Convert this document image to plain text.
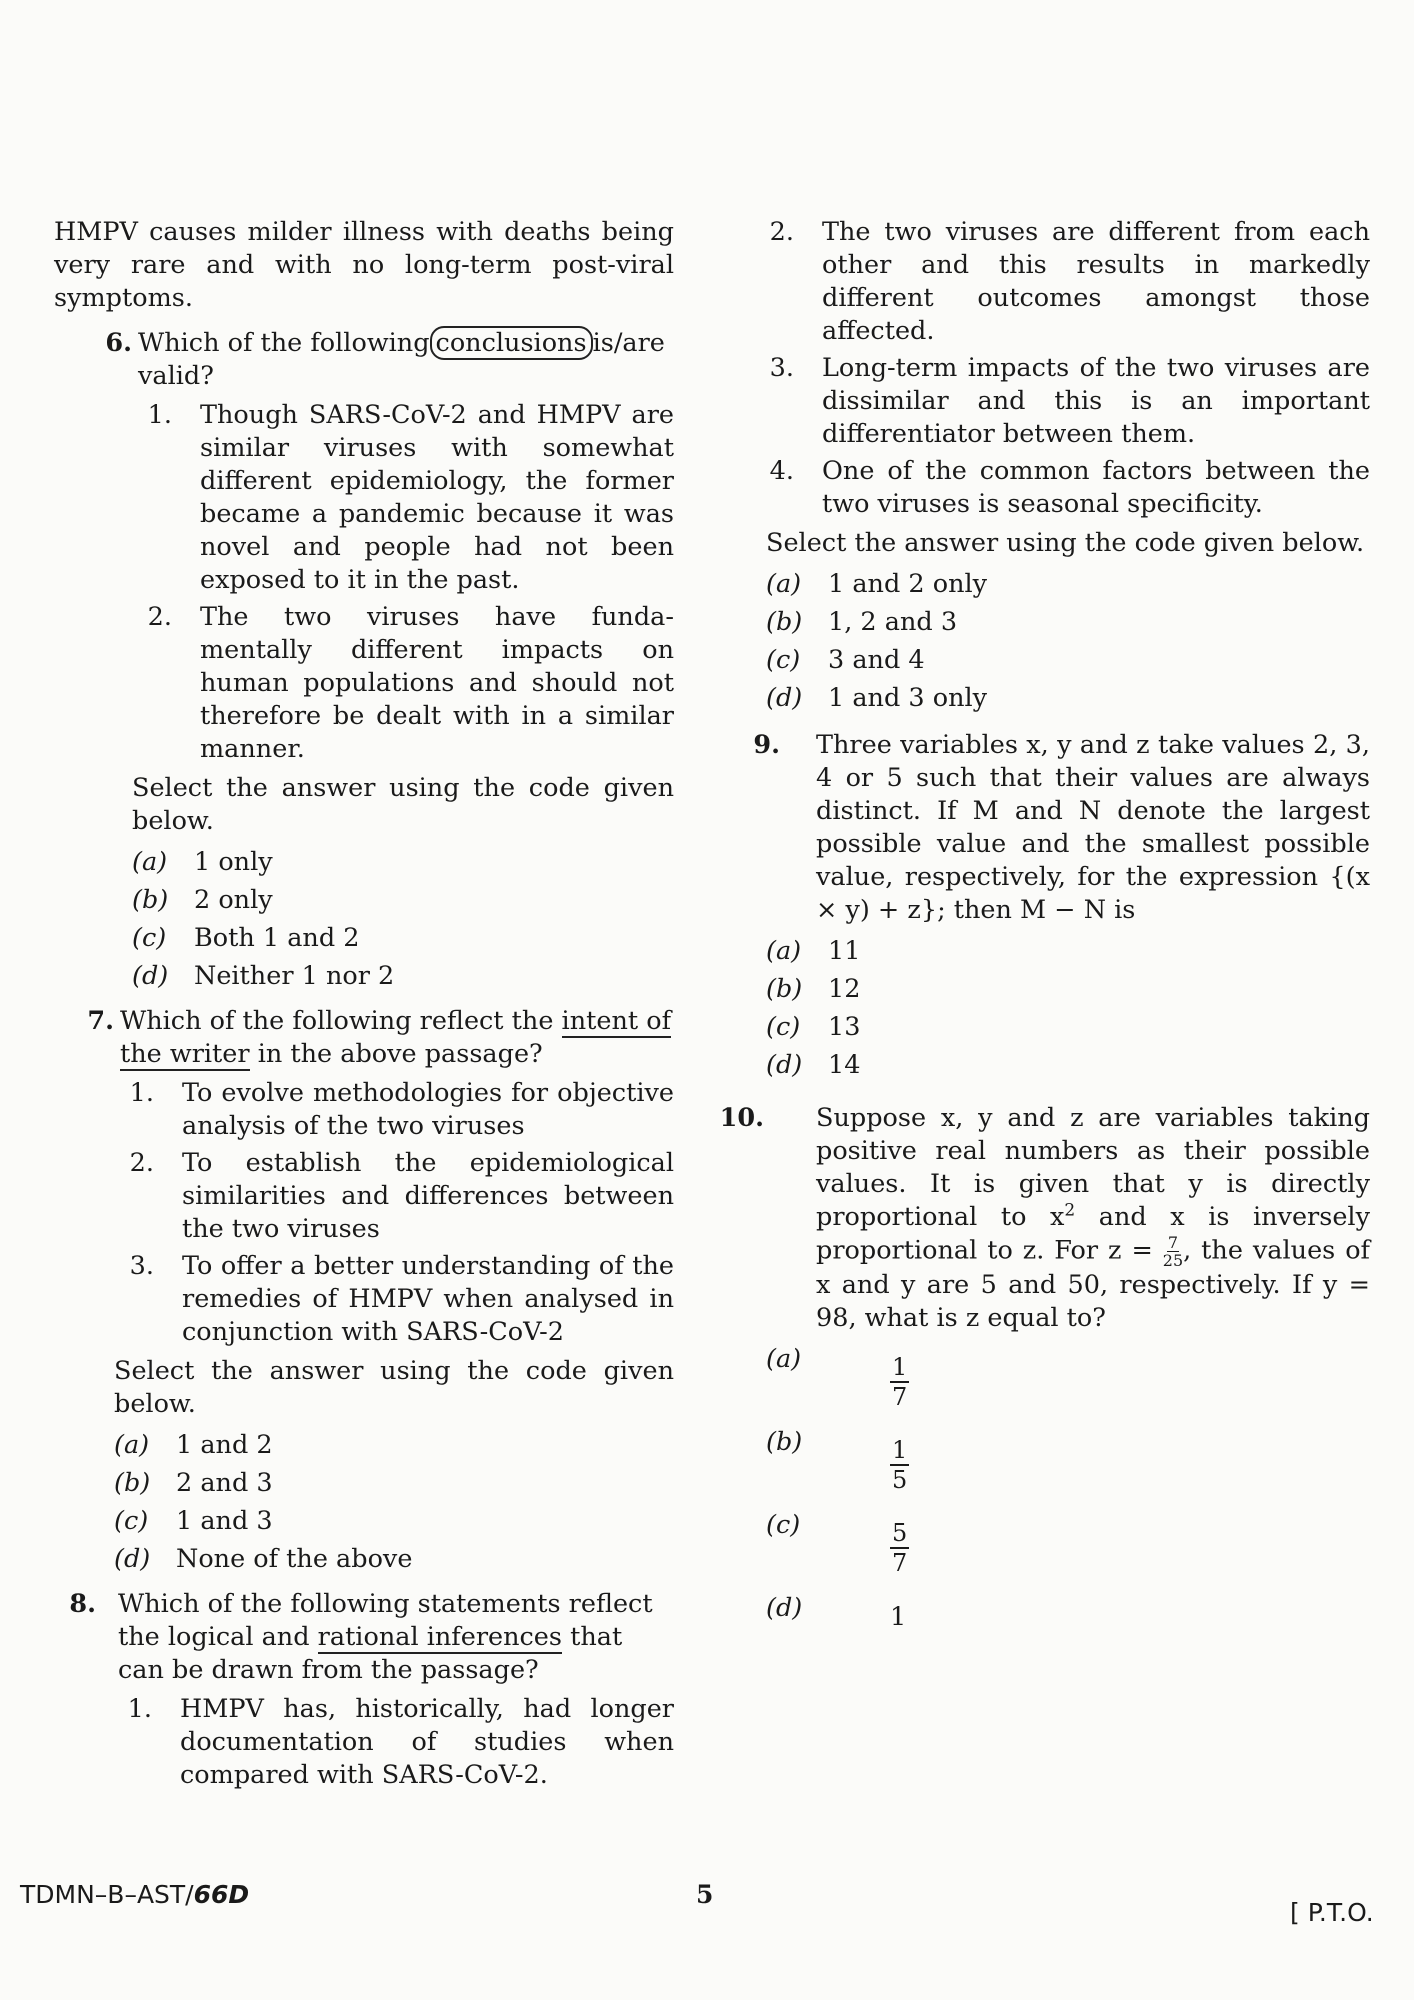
HMPV causes milder illness with deaths being very rare and with no long-term post-viral symptoms.

6. Which of the following conclusions is/are valid?

1. Though SARS-CoV-2 and HMPV are similar viruses with somewhat different epidemiology, the former became a pandemic because it was novel and people had not been exposed to it in the past.
2. The two viruses have funda-mentally different impacts on human populations and should not therefore be dealt with in a similar manner.

Select the answer using the code given below.

(a) 1 only
(b) 2 only
(c) Both 1 and 2
(d) Neither 1 nor 2
7. Which of the following reflect the intent of the writer in the above passage?

1. To evolve methodologies for objective analysis of the two viruses
2. To establish the epidemiological similarities and differences between the two viruses
3. To offer a better understanding of the remedies of HMPV when analysed in conjunction with SARS-CoV-2

Select the answer using the code given below.

(a) 1 and 2
(b) 2 and 3
(c) 1 and 3
(d) None of the above
8. Which of the following statements reflect the logical and rational inferences that can be drawn from the passage?

1. HMPV has, historically, had longer documentation of studies when compared with SARS-CoV-2.
2. The two viruses are different from each other and this results in markedly different outcomes amongst those affected.
3. Long-term impacts of the two viruses are dissimilar and this is an important differentiator between them.
4. One of the common factors between the two viruses is seasonal specificity.

Select the answer using the code given below.

(a) 1 and 2 only
(b) 1, 2 and 3
(c) 3 and 4
(d) 1 and 3 only
9. Three variables x, y and z take values 2, 3, 4 or 5 such that their values are always distinct. If M and N denote the largest possible value and the smallest possible value, respectively, for the expression {(x × y) + z}; then M − N is

(a) 11
(b) 12
(c) 13
(d) 14
10. Suppose x, y and z are variables taking positive real numbers as their possible values. It is given that y is directly proportional to $x^2$ and x is inversely proportional to z. For $z = \frac{7}{25}$ , the values of x and y are 5 and 50, respectively. If y = 98, what is z equal to?

(a)	$\frac{1}{7}$
(b)	$\frac{1}{5}$
(c)	$\frac{5}{7}$
(d)	1
TDMN–B–AST/66D	5
[ P.T.O.
